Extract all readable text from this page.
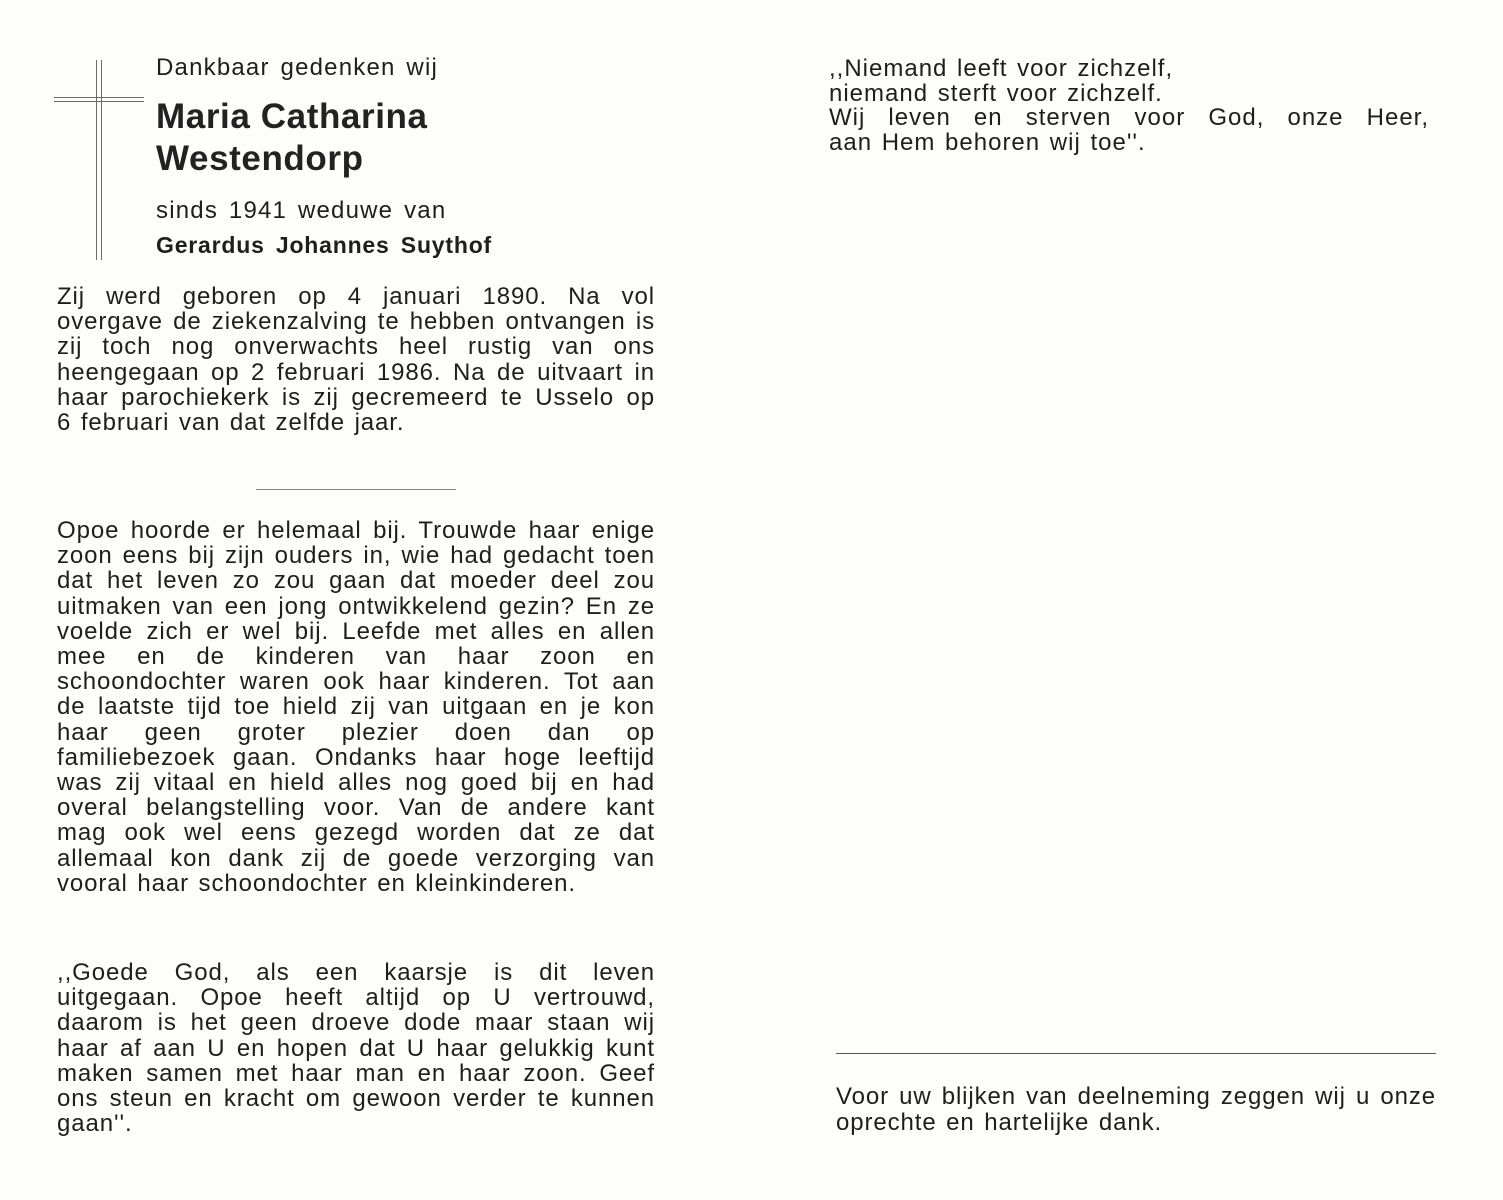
Dankbaar gedenken wij
Maria Catharina
Westendorp
sinds 1941 weduwe van
Gerardus Johannes Suythof
Zij werd geboren op 4 januari 1890. Na vol overgave de ziekenzalving te hebben ontvangen is zij toch nog onverwachts heel rustig van ons heengegaan op 2 februari 1986. Na de uitvaart in haar parochiekerk is zij gecremeerd te Usselo op 6 februari van dat zelfde jaar.
Opoe hoorde er helemaal bij. Trouwde haar enige zoon eens bij zijn ouders in, wie had gedacht toen dat het leven zo zou gaan dat moeder deel zou uitmaken van een jong ontwikkelend gezin? En ze voelde zich er wel bij. Leefde met alles en allen mee en de kinderen van haar zoon en schoondochter waren ook haar kinderen. Tot aan de laatste tijd toe hield zij van uitgaan en je kon haar geen groter plezier doen dan op familiebezoek gaan. Ondanks haar hoge leeftijd was zij vitaal en hield alles nog goed bij en had overal belangstelling voor. Van de andere kant mag ook wel eens gezegd worden dat ze dat allemaal kon dank zij de goede verzorging van vooral haar schoondochter en kleinkinderen.
,,Goede God, als een kaarsje is dit leven uitgegaan. Opoe heeft altijd op U vertrouwd, daarom is het geen droeve dode maar staan wij haar af aan U en hopen dat U haar gelukkig kunt maken samen met haar man en haar zoon. Geef ons steun en kracht om gewoon verder te kunnen gaan''.
,,Niemand leeft voor zichzelf,
niemand sterft voor zichzelf.
Wij leven en sterven voor God, onze Heer,
aan Hem behoren wij toe''.
Voor uw blijken van deelneming zeggen wij u onze oprechte en hartelijke dank.
